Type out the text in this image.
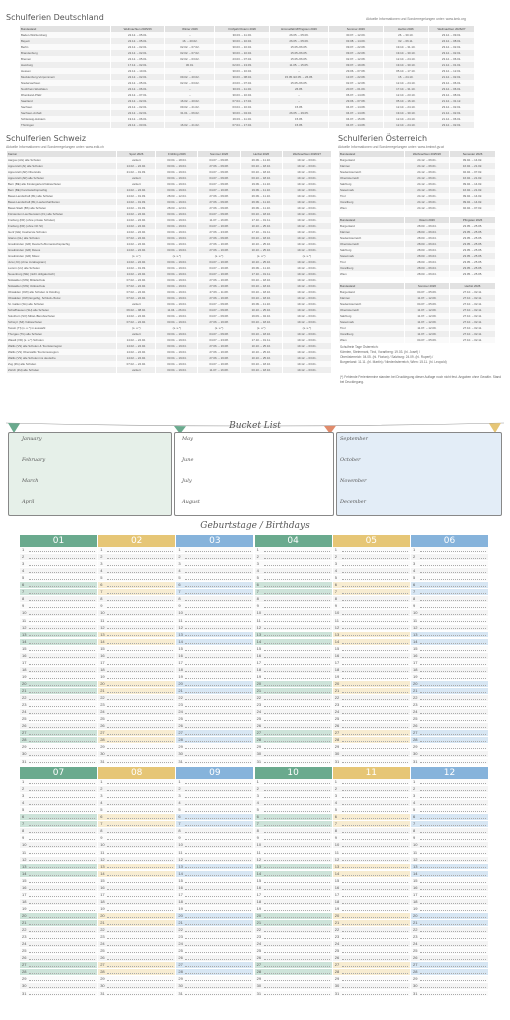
Schulferien Deutschland	Aktuelle Informationen und Sonderregelungen unter: www.kmk.org
Bundesland	Weihnachten 2025/26	Winter 2026	Frühjahr/Ostern 2026	Himmelfahrt/Pfingsten 2026	Sommer 2026	Herbst 2026	Weihnachten 2026/27
Baden-Württemberg	22.12. – 05.01.	–	30.03. – 11.04.	26.05. – 05.06.	30.07. – 12.09.	26. – 30.10.	23.12. – 09.01.
Bayern	22.12. – 05.01.	16. – 20.02.	30.03. – 10.04.	26.05. – 05.06.	03.08. – 14.09.	02. – 06.11.	24.12. – 08.01.
Berlin	22.12. – 02.01.	02.02. – 07.02.	30.03. – 10.04.	15.05./26.05.	09.07. – 22.08.	19.10. – 31.10.	23.12. – 02.01.
Brandenburg	22.12. – 02.01.	02.02. – 07.02.	30.03. – 10.04.	15.05./26.05.	09.07. – 22.08.	19.10. – 30.10.	23.12. – 02.01.
Bremen	22.12. – 05.01.	02.02. – 03.02.	23.03. – 07.04.	15.05./26.05.	02.07. – 12.08.	12.10. – 24.10.	23.12. – 06.01.
Hamburg	17.12. – 02.01.	30.01.	02.03. – 13.03.	11.05. – 15.05.	09.07. – 19.08.	19.10. – 30.10.	21.12. – 01.01.
Hessen	22.12. – 10.01.	–	30.03. – 10.04.	–	29.06. – 07.08.	05.10. – 17.10.	23.12. – 12.01.
Mecklenburg-Vorpommern	22.12. – 02.01.	09.02. – 20.02.	30.03. – 08.04.	15.05./22.05. – 26.05.	13.07. – 22.08.	15. – 24.10.	21.12. – 02.01.
Niedersachsen	22.12. – 05.01.	02.02. – 03.02.	23.03. – 07.04.	15.05./26.05.	02.07. – 12.08.	12.10. – 24.10.	23.12. – 06.01.
Nordrhein-Westfalen	22.12. – 06.01.	–	30.03. – 11.04.	26.05.	20.07. – 01.09.	17.10. – 31.10.	23.12. – 06.01.
Rheinland-Pfalz	22.12. – 07.01.	–	30.03. – 10.04.	–	06.07. – 14.08.	12.10. – 23.10.	23.12. – 08.01.
Saarland	22.12. – 02.01.	16.02. – 20.02.	07.04. – 17.04.	–	29.06. – 07.08.	05.10. – 16.10.	21.12. – 31.12.
Sachsen	22.12. – 02.01.	09.02. – 21.02.	03.04. – 10.04.	15.05.	04.07. – 14.08.	12.10. – 24.10.	23.12. – 02.01.
Sachsen-Anhalt	22.12. – 02.01.	31.01. – 06.02.	30.03. – 04.04.	26.05. – 29.05.	04.07. – 14.08.	19.10. – 30.10.	21.12. – 02.01.
Schleswig-Holstein	19.12. – 06.01.	–	26.03. – 11.04.	15.05.	04.07. – 15.08.	12.10. – 24.10.	21.12. – 06.01.
Thüringen	22.12. – 03.01.	16.02. – 21.02.	07.04. – 17.04.	15.05.	04.07. – 14.08.	12.10. – 24.10.	23.12. – 02.01.
Schulferien Schweiz
Aktuelle Informationen und Sonderregelungen unter: www.edk.ch
Kanton	Sport 2026	Frühling 2026	Sommer 2026	Herbst 2026	Weihnachten 2026/27
Aargau (AG) alle Schulen	variiert	03.04. – 18.04.	04.07. – 09.08.	26.09. – 11.10.	19.12. – 03.01.
Appenzell (AI) alle Schulen	14.02. – 22.02.	03.04. – 19.04.	27.06. – 09.08.	03.10. – 18.10.	19.12. – 03.01.
Appenzell (AR) Oberstufe	21.02. – 01.03.	03.04. – 19.04.	04.07. – 09.08.	03.10. – 18.10.	19.12. – 03.01.
Appenzell (AR) alle Schulen	variiert	03.04. – 19.04.	04.07. – 09.08.	03.10. – 18.10.	19.12. – 03.01.
Bern (BE) alle Kindergarten/Volksschulen	variiert	03.04. – 19.04.	04.07. – 09.08.	19.09. – 11.10.	19.12. – 03.01.
Bern (BE) französischsprachig	14.02. – 22.02.	03.04. – 19.04.	04.07. – 16.08.	19.09. – 11.10.	19.12. – 03.01.
Basel-Landschaft (BL) alle Schulen	14.02. – 01.03.	28.03. – 12.04.	27.06. – 09.08.	26.09. – 11.10.	19.12. – 03.01.
Basel-Landschaft (BL) Laufenthal/Ferien	14.02. – 01.03.	03.04. – 19.04.	27.06. – 09.08.	26.09. – 11.10.	19.12. – 03.01.
Basel-Stadt (BS) alle Schulen	14.02. – 01.03.	28.03. – 12.04.	27.06. – 09.08.	26.09. – 11.10.	19.12. – 03.01.
Fürstentum Liechtenstein (FL) alle Schulen	14.02. – 22.02.	03.04. – 19.04.	04.07. – 09.08.	03.10. – 18.10.	19.12. – 03.01.
Freiburg (FR) (ohne private Schulen)	14.02. – 22.02.	03.04. – 19.04.	11.07. – 16.08.	17.10. – 01.11.	19.12. – 03.01.
Freiburg (FR) (ohne Ort SI)	14.02. – 22.02.	03.04. – 19.04.	04.07. – 16.08.	10.10. – 25.10.	19.12. – 03.01.
Genf (GE) Insel/erste Schulen	14.02. – 22.02.	03.04. – 19.04.	27.06. – 23.08.	17.10. – 01.11.	19.12. – 03.01.
Glarus (GL) alle Schulen	07.02. – 22.02.	03.04. – 19.04.	27.06. – 09.08.	03.10. – 18.10.	19.12. – 03.01.
Graubünden (GR) Deutsch-/Romanischsprachig	14.02. – 22.02.	03.04. – 19.04.	27.06. – 16.08.	10.10. – 25.10.	19.12. – 03.01.
Graubünden (GR) Davos	14.02. – 22.02.	03.04. – 19.04.	27.06. – 16.08.	10.10. – 25.10.	19.12. – 03.01.
Graubünden (GR) Misox	(s. u.*)	(s. u.*)	(s. u.*)	(s. u.*)	(s. u.*)
Jura (JU) (ohne Jurabagnam)	14.02. – 22.02.	03.04. – 19.04.	04.07. – 16.08.	10.10. – 25.10.	19.12. – 03.01.
Luzern (LU) alle Schulen	14.02. – 01.03.	03.04. – 19.04.	04.07. – 16.08.	26.09. – 11.10.	19.12. – 03.01.
Neuenburg (NE) (nicht obligatorisch)	14.02. – 22.02.	03.04. – 19.04.	04.07. – 16.08.	17.10. – 01.11.	19.12. – 03.01.
Nidwalden (NW) Mittelschule	07.02. – 22.02.	03.04. – 19.04.	27.06. – 16.08.	03.10. – 18.10.	19.12. – 03.01.
Nidwalden (NW) Volksschule	07.02. – 22.02.	03.04. – 19.04.	27.06. – 16.08.	03.10. – 18.10.	19.12. – 03.01.
Obwalden (OW) alle Schulen & Oststfug	07.02. – 22.02.	03.04. – 19.04.	27.06. – 11.08.	03.10. – 18.10.	19.12. – 03.01.
Obwalden (OW) Engelbg, Schluck./Zuzw.	07.02. – 22.02.	03.04. – 19.04.	27.06. – 16.08.	03.10. – 18.10.	19.12. – 03.01.
St. Gallen (SG) alle Schulen	variiert	03.04. – 19.04.	04.07. – 09.08.	26.09. – 11.10.	19.12. – 03.01.
Schaffhausen (SH) alle Schulen	06.02. – 08.02.	11.04. – 26.04.	04.07. – 09.08.	10.10. – 25.10.	19.12. – 03.01.
Solothurn (SO) Mittel-/Berufsschulen	14.02. – 22.02.	03.04. – 19.04.	04.07. – 09.08.	19.09. – 04.10.	19.12. – 03.01.
Schwyz (SZ) Volksschulen	07.02. – 22.02.	03.04. – 19.04.	27.06. – 16.08.	03.10. – 18.10.	19.12. – 03.01.
Tessin (TI) (s. u.*) in auswahl	(s. u.*)	(s. u.*)	(s. u.*)	(s. u.*)	(s. u.*)
Thurgau (TG) alle Schulen	variiert	03.04. – 19.04.	04.07. – 09.08.	03.10. – 18.10.	19.12. – 03.01.
Waadt (VD) (s. u.*) Schulen	14.02. – 22.02.	03.04. – 19.04.	04.07. – 23.08.	17.10. – 01.11.	19.12. – 03.01.
Wallis (VS) alle Schulen & Touristenregion	14.02. – 22.02.	03.04. – 19.04.	27.06. – 16.08.	10.10. – 25.10.	19.12. – 03.01.
Wallis (VS) Oberwallis Tourismusregion	14.02. – 22.02.	03.04. – 19.04.	27.06. – 16.08.	10.10. – 25.10.	19.12. – 03.01.
Wallis (VS) alle Schulen ins deutsche	14.02. – 22.02.	03.04. – 19.04.	27.06. – 16.08.	10.10. – 25.10.	19.12. – 03.01.
Zug (ZG) alle Schulen	07.02. – 22.02.	03.04. – 19.04.	04.07. – 16.08.	03.10. – 18.10.	19.12. – 03.01.
Zürich (ZH) alle Schulen	variiert	03.04. – 19.04.	11.07. – 16.08.	03.10. – 18.10.	19.12. – 03.01.
Schulferien Österreich
Aktuelle Informationen und Sonderregelungen unter: www.bmbwf.gv.at
Bundesland	Weihnachten 2025/26	Semester 2026
Burgenland	24.12. – 06.01.	09.02. – 14.02.
Kärnten	24.12. – 06.01.	16.02. – 21.02.
Niederösterreich	24.12. – 06.01.	02.02. – 07.02.
Oberösterreich	24.12. – 06.01.	16.02. – 21.02.
Salzburg	24.12. – 06.01.	09.02. – 14.02.
Steiermark	24.12. – 06.01.	16.02. – 21.02.
Tirol	24.12. – 06.01.	09.02. – 14.02.
Vorarlberg	24.12. – 06.01.	09.02. – 14.02.
Wien	24.12. – 06.01.	02.02. – 07.02.
Bundesland	Ostern 2026	Pfingsten 2026
Burgenland	28.03. – 06.04.	23.05. – 25.05.
Kärnten	28.03. – 06.04.	23.05. – 25.05.
Niederösterreich	28.03. – 06.04.	23.05. – 25.05.
Oberösterreich	28.03. – 06.04.	23.05. – 25.05.
Salzburg	28.03. – 06.04.	23.05. – 25.05.
Steiermark	28.03. – 06.04.	23.05. – 25.05.
Tirol	28.03. – 06.04.	23.05. – 25.05.
Vorarlberg	28.03. – 06.04.	23.05. – 25.05.
Wien	28.03. – 06.04.	23.05. – 25.05.
Bundesland	Sommer 2026	Herbst 2026
Burgenland	04.07. – 05.09.	27.10. – 02.11.
Kärnten	11.07. – 12.09.	27.10. – 02.11.
Niederösterreich	04.07. – 05.09.	27.10. – 02.11.
Oberösterreich	11.07. – 12.09.	27.10. – 02.11.
Salzburg	11.07. – 12.09.	27.10. – 02.11.
Steiermark	11.07. – 12.09.	27.10. – 02.11.
Tirol	11.07. – 12.09.	27.10. – 02.11.
Vorarlberg	11.07. – 12.09.	27.10. – 02.11.
Wien	04.07. – 05.09.	27.10. – 02.11.
Schulfreie Tage Österreich:
Kärnten, Steiermark, Tirol, Vorarlberg: 19.03. (hl. Josef) /
Oberösterreich: 04.05. (hl. Florian) / Salzburg: 24.09. (hl. Rupert) /
Burgenland: 11.11. (hl. Martin) / Niederösterreich, Wien: 15.11. (hl. Leopold)
(*) Fehlende Ferientermine standen bei Drucklegung dieser Auflage noch nicht fest. Angaben ohne Gewähr. Stand bei Drucklegung.
Bucket List
January
February
March
April
May
June
July
August
September
October
November
December
Geburtstage / Birthdays
01
1
2
3
4
5
6
7
8
9
10
11
12
13
14
15
16
17
18
19
20
21
22
23
24
25
26
27
28
29
30
31
02
1
2
3
4
5
6
7
8
9
10
11
12
13
14
15
16
17
18
19
20
21
22
23
24
25
26
27
28
29
30
31
03
1
2
3
4
5
6
7
8
9
10
11
12
13
14
15
16
17
18
19
20
21
22
23
24
25
26
27
28
29
30
31
04
1
2
3
4
5
6
7
8
9
10
11
12
13
14
15
16
17
18
19
20
21
22
23
24
25
26
27
28
29
30
31
05
1
2
3
4
5
6
7
8
9
10
11
12
13
14
15
16
17
18
19
20
21
22
23
24
25
26
27
28
29
30
31
06
1
2
3
4
5
6
7
8
9
10
11
12
13
14
15
16
17
18
19
20
21
22
23
24
25
26
27
28
29
30
31
07
1
2
3
4
5
6
7
8
9
10
11
12
13
14
15
16
17
18
19
20
21
22
23
24
25
26
27
28
29
30
31
08
1
2
3
4
5
6
7
8
9
10
11
12
13
14
15
16
17
18
19
20
21
22
23
24
25
26
27
28
29
30
31
09
1
2
3
4
5
6
7
8
9
10
11
12
13
14
15
16
17
18
19
20
21
22
23
24
25
26
27
28
29
30
31
10
1
2
3
4
5
6
7
8
9
10
11
12
13
14
15
16
17
18
19
20
21
22
23
24
25
26
27
28
29
30
31
11
1
2
3
4
5
6
7
8
9
10
11
12
13
14
15
16
17
18
19
20
21
22
23
24
25
26
27
28
29
30
31
12
1
2
3
4
5
6
7
8
9
10
11
12
13
14
15
16
17
18
19
20
21
22
23
24
25
26
27
28
29
30
31
